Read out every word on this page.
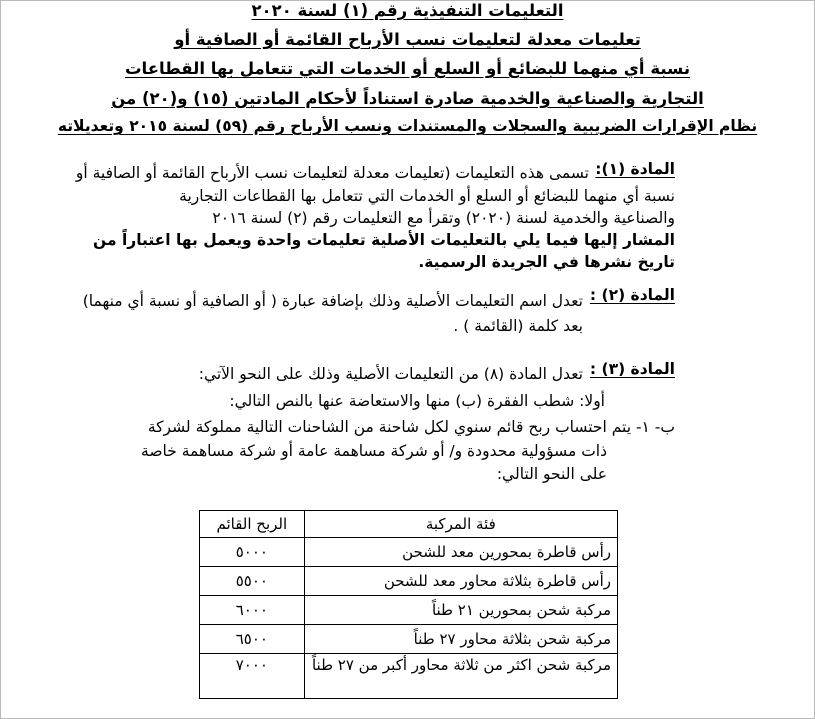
التعليمات التنفيذية رقم (١) لسنة ٢٠٢٠
تعليمات معدلة لتعليمات نسب الأرباح القائمة أو الصافية أو
نسبة أي منهما للبضائع أو السلع أو الخدمات التي تتعامل بها القطاعات
التجارية والصناعية والخدمية صادرة استناداً لأحكام المادتين (١٥) و(٢٠) من
نظام الإقرارات الضريبية والسجلات والمستندات ونسب الأرباح رقم (٥٩) لسنة ٢٠١٥ وتعديلاته
المادة (١):
تسمى هذه التعليمات (تعليمات معدلة لتعليمات نسب الأرباح القائمة أو الصافية أو
نسبة أي منهما للبضائع أو السلع أو الخدمات التي تتعامل بها القطاعات التجارية
والصناعية والخدمية لسنة (٢٠٢٠) وتقرأ مع التعليمات رقم (٢) لسنة ٢٠١٦
المشار إليها فيما يلي بالتعليمات الأصلية تعليمات واحدة ويعمل بها اعتباراً من
تاريخ نشرها في الجريدة الرسمية.
المادة (٢) :
تعدل اسم التعليمات الأصلية وذلك بإضافة عبارة ( أو الصافية أو نسبة أي منهما)
بعد كلمة (القائمة ) .
المادة (٣) :
تعدل المادة (٨) من التعليمات الأصلية وذلك على النحو الآتي:
أولا: شطب الفقرة (ب) منها والاستعاضة عنها بالنص التالي:
ب- ١- يتم احتساب ربح قائم سنوي لكل شاحنة من الشاحنات التالية مملوكة لشركة
ذات مسؤولية محدودة و/ أو شركة مساهمة عامة أو شركة مساهمة خاصة
على النحو التالي:
فئة المركبة	الربح القائم
رأس قاطرة بمحورين معد للشحن	٥٠٠٠
رأس قاطرة بثلاثة محاور معد للشحن	٥٥٠٠
مركبة شحن بمحورين ٢١ طناً	٦٠٠٠
مركبة شحن بثلاثة محاور ٢٧ طناً	٦٥٠٠
مركبة شحن اكثر من ثلاثة محاور أكبر من ٢٧ طناً	٧٠٠٠
